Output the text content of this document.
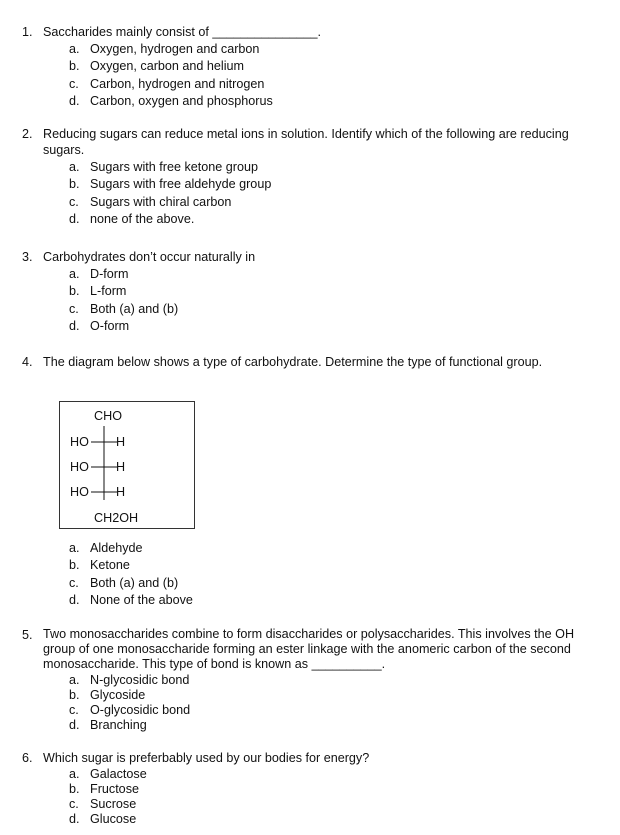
1. Saccharides mainly consist of _______________.
a. Oxygen, hydrogen and carbon
b. Oxygen, carbon and helium
c. Carbon, hydrogen and nitrogen
d. Carbon, oxygen and phosphorus
2. Reducing sugars can reduce metal ions in solution. Identify which of the following are reducing sugars.
a. Sugars with free ketone group
b. Sugars with free aldehyde group
c. Sugars with chiral carbon
d. none of the above.
3. Carbohydrates don’t occur naturally in
a. D-form
b. L-form
c. Both (a) and (b)
d. O-form
4. The diagram below shows a type of carbohydrate. Determine the type of functional group.
CHO
HO H
HO H
HO H
CH2OH
a. Aldehyde
b. Ketone
c. Both (a) and (b)
d. None of the above
5. Two monosaccharides combine to form disaccharides or polysaccharides. This involves the OH group of one monosaccharide forming an ester linkage with the anomeric carbon of the second monosaccharide. This type of bond is known as __________.
a. N-glycosidic bond
b. Glycoside
c. O-glycosidic bond
d. Branching
6. Which sugar is preferbably used by our bodies for energy?
a. Galactose
b. Fructose
c. Sucrose
d. Glucose
